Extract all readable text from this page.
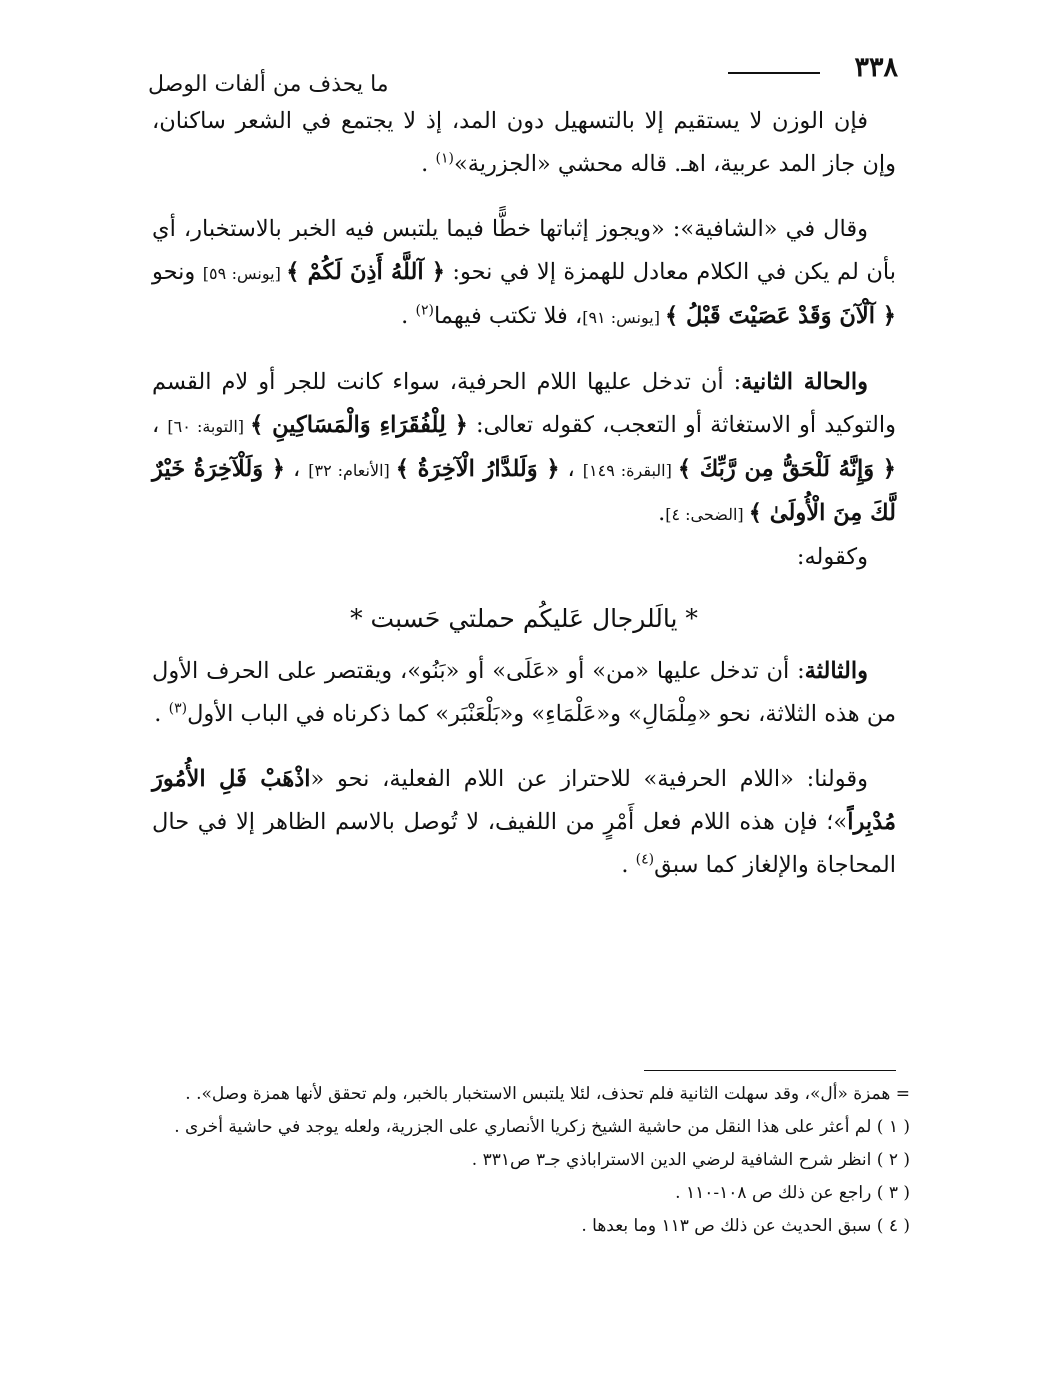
٣٣٨
ما يحذف من ألفات الوصل

فإن الوزن لا يستقيم إلا بالتسهيل دون المد، إذ لا يجتمع في الشعر ساكنان، وإن جاز المد عربية، اهـ. قاله محشي «الجزرية»$^{(١)}$ .

وقال في «الشافية»: «ويجوز إثباتها خطًّا فيما يلتبس فيه الخبر بالاستخبار، أي بأن لم يكن في الكلام معادل للهمزة إلا في نحو: ﴿ آللَّهُ أَذِنَ لَكُمْ ﴾ [يونس: ٥٩] ونحو ﴿ آلْآنَ وَقَدْ عَصَيْتَ قَبْلُ ﴾ [يونس: ٩١]، فلا تكتب فيهما$^{(٢)}$ .

والحالة الثانية: أن تدخل عليها اللام الحرفية، سواء كانت للجر أو لام القسم والتوكيد أو الاستغاثة أو التعجب، كقوله تعالى: ﴿ لِلْفُقَرَاءِ وَالْمَسَاكِينِ ﴾ [التوبة: ٦٠] ، ﴿ وَإِنَّهُ لَلْحَقُّ مِن رَّبِّكَ ﴾ [البقرة: ١٤٩] ، ﴿ وَلَلدَّارُ الْآخِرَةُ ﴾ [الأنعام: ٣٢] ، ﴿ وَلَلْآخِرَةُ خَيْرٌ لَّكَ مِنَ الْأُولَىٰ ﴾ [الضحى: ٤].

وكقوله:

* يالَلرجال عَليكُم حملتي حَسبت *

والثالثة: أن تدخل عليها «من» أو «عَلَى» أو «بَنُو»، ويقتصر على الحرف الأول من هذه الثلاثة، نحو «مِلْمَالِ» و«عَلْمَاءِ» و«بَلْعَنْبَر» كما ذكرناه في الباب الأول$^{(٣)}$ .

وقولنا: «اللام الحرفية» للاحتراز عن اللام الفعلية، نحو «اذْهَبْ فَلِ الأُمُورَ مُدْبِراً»؛ فإن هذه اللام فعل أَمْرٍ من اللفيف، لا تُوصل بالاسم الظاهر إلا في حال المحاجاة والإلغاز كما سبق$^{(٤)}$ .

= همزة «أل»، وقد سهلت الثانية فلم تحذف، لئلا يلتبس الاستخبار بالخبر، ولم تحقق لأنها همزة وصل». .

( ١ ) لم أعثر على هذا النقل من حاشية الشيخ زكريا الأنصاري على الجزرية، ولعله يوجد في حاشية أخرى .

( ٢ ) انظر شرح الشافية لرضي الدين الاستراباذي جـ٣ ص٣٣١ .

( ٣ ) راجع عن ذلك ص ١٠٨-١١٠ .

( ٤ ) سبق الحديث عن ذلك ص ١١٣ وما بعدها .
